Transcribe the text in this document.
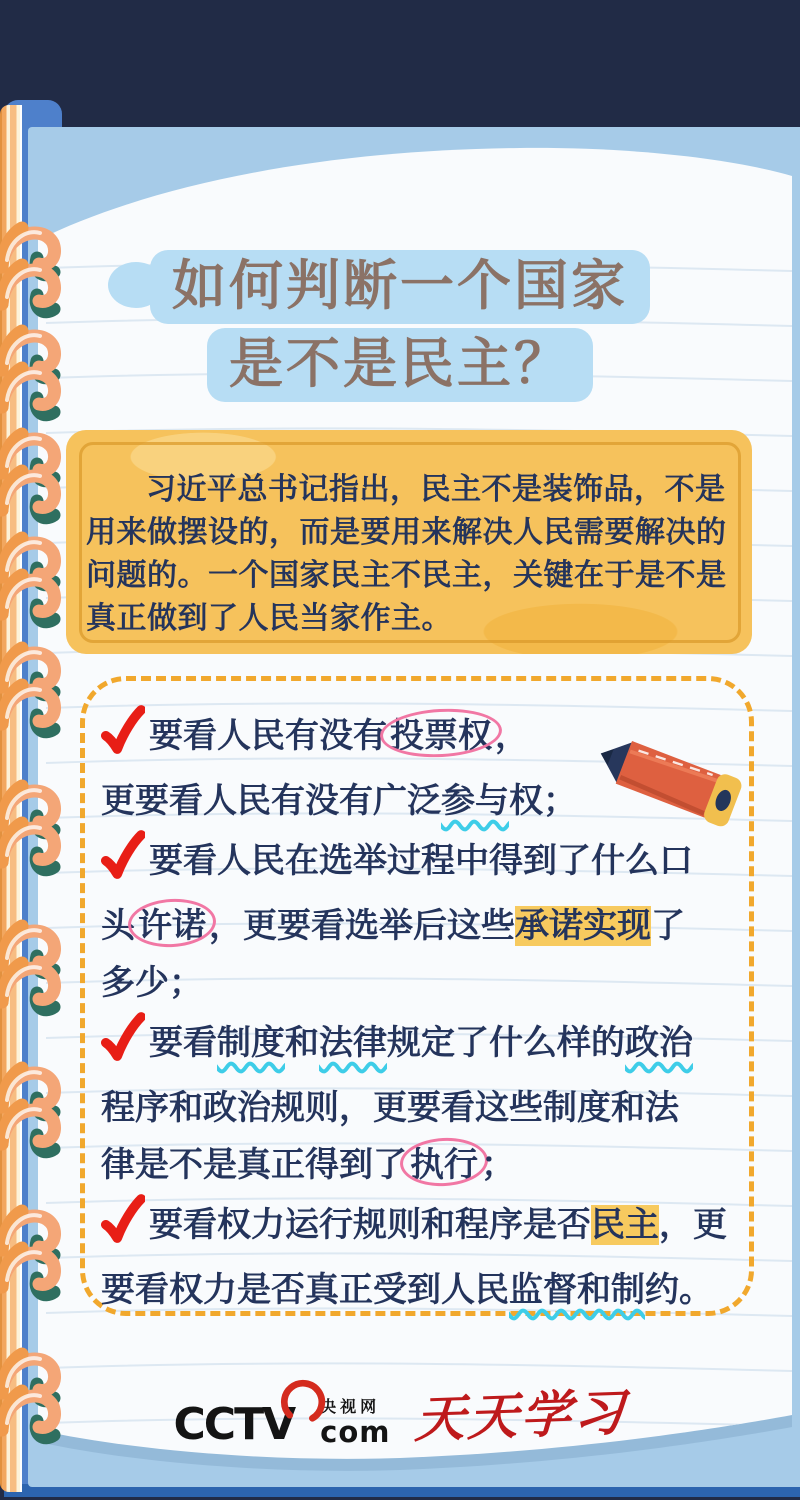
如何判断一个国家
是不是民主？
习近平总书记指出，民主不是装饰品，不是用来做摆设的，而是要用来解决人民需要解决的问题的。一个国家民主不民主，关键在于是不是真正做到了人民当家作主。

要看人民有没有投票权，
更要看人民有没有广泛参与权；

要看人民在选举过程中得到了什么口
头许诺，更要看选举后这些承诺实现了
多少；

要看制度和法律规定了什么样的政治
程序和政治规则，更要看这些制度和法
律是不是真正得到了执行；

要看权力运行规则和程序是否民主，更
要看权力是否真正受到人民监督和制约。

CCTV 央视网
com 天天学习
